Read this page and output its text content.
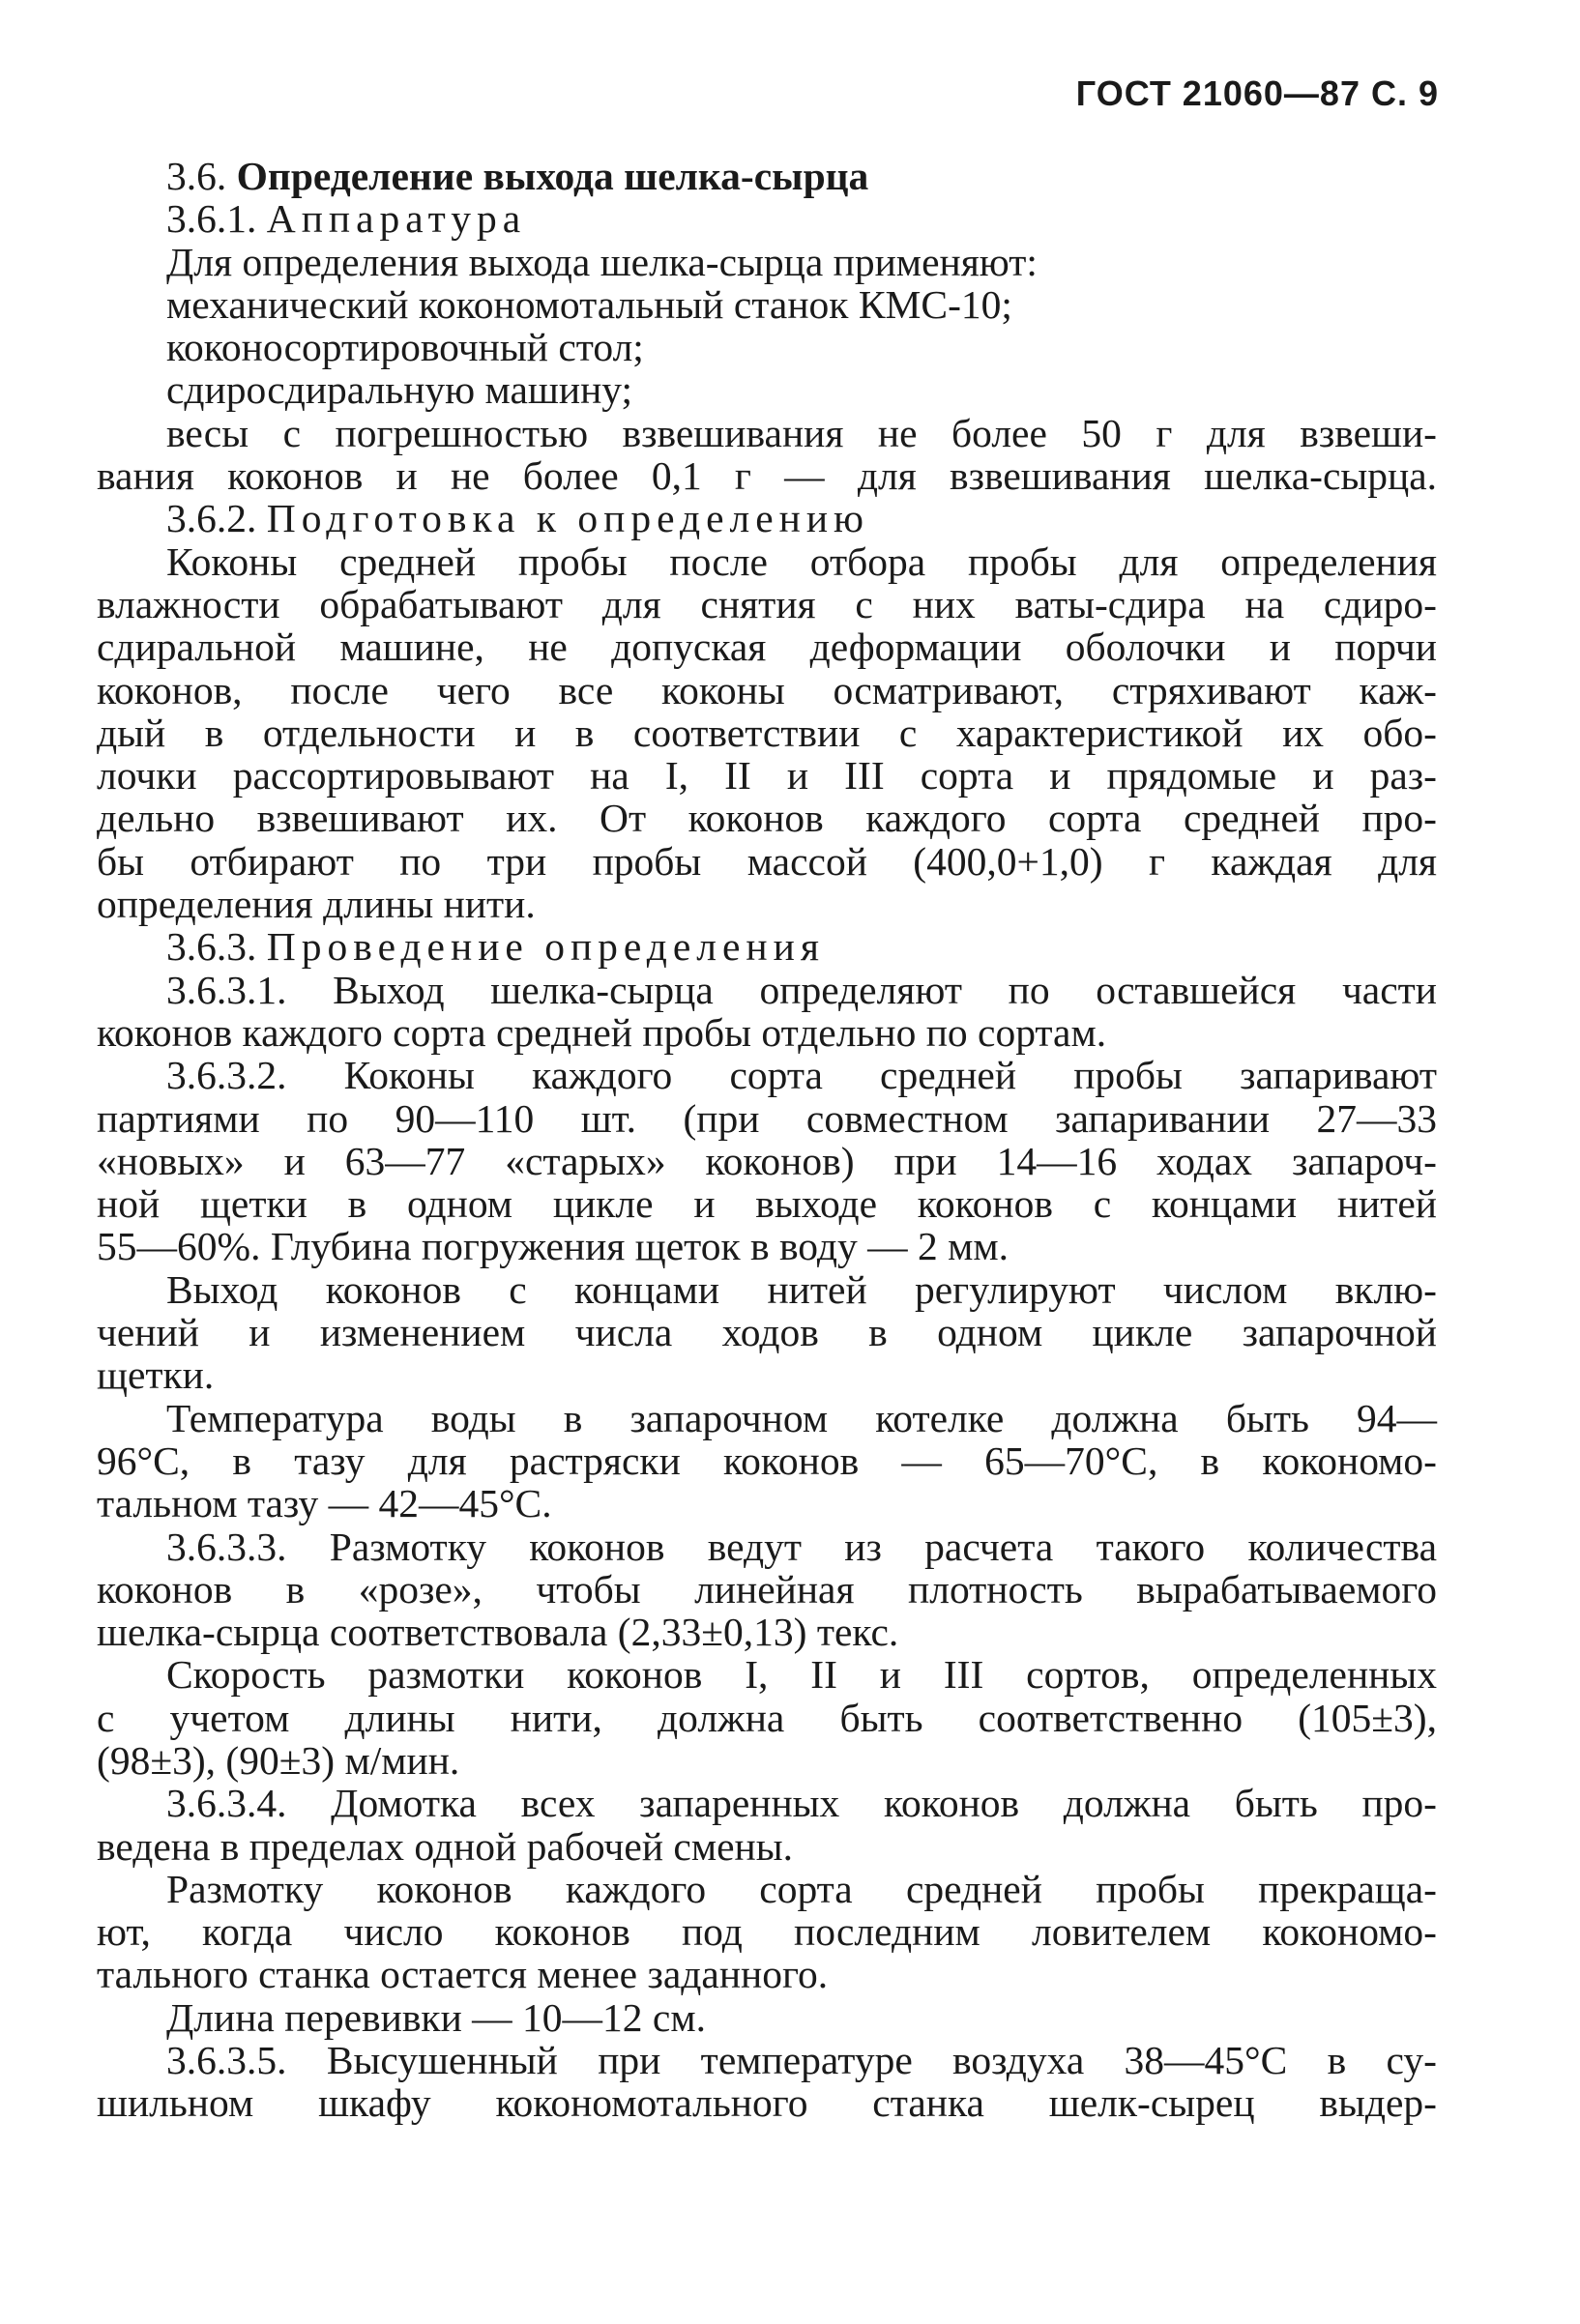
ГОСТ 21060—87 С. 9
3.6. Определение выхода шелка-сырца
3.6.1. Аппаратура
Для определения выхода шелка-сырца применяют:
механический кокономотальный станок КМС-10;
коконосортировочный стол;
сдиросдиральную машину;
весы с погрешностью взвешивания не более 50 г для взвеши-
вания коконов и не более 0,1 г — для взвешивания шелка-сырца.
3.6.2. Подготовка к определению
Коконы средней пробы после отбора пробы для определения
влажности обрабатывают для снятия с них ваты-сдира на сдиро-
сдиральной машине, не допуская деформации оболочки и порчи
коконов, после чего все коконы осматривают, стряхивают каж-
дый в отдельности и в соответствии с характеристикой их обо-
лочки рассортировывают на I, II и III сорта и прядомые и раз-
дельно взвешивают их. От коконов каждого сорта средней про-
бы отбирают по три пробы массой (400,0+1,0) г каждая для
определения длины нити.
3.6.3. Проведение определения
3.6.3.1. Выход шелка-сырца определяют по оставшейся части
коконов каждого сорта средней пробы отдельно по сортам.
3.6.3.2. Коконы каждого сорта средней пробы запаривают
партиями по 90—110 шт. (при совместном запаривании 27—33
«новых» и 63—77 «старых» коконов) при 14—16 ходах запароч-
ной щетки в одном цикле и выходе коконов с концами нитей
55—60%. Глубина погружения щеток в воду — 2 мм.
Выход коконов с концами нитей регулируют числом вклю-
чений и изменением числа ходов в одном цикле запарочной
щетки.
Температура воды в запарочном котелке должна быть 94—
96°С, в тазу для растряски коконов — 65—70°С, в кокономо-
тальном тазу — 42—45°С.
3.6.3.3. Размотку коконов ведут из расчета такого количества
коконов в «розе», чтобы линейная плотность вырабатываемого
шелка-сырца соответствовала (2,33±0,13) текс.
Скорость размотки коконов I, II и III сортов, определенных
с учетом длины нити, должна быть соответственно (105±3),
(98±3), (90±3) м/мин.
3.6.3.4. Домотка всех запаренных коконов должна быть про-
ведена в пределах одной рабочей смены.
Размотку коконов каждого сорта средней пробы прекраща-
ют, когда число коконов под последним ловителем кокономо-
тального станка остается менее заданного.
Длина перевивки — 10—12 см.
3.6.3.5. Высушенный при температуре воздуха 38—45°С в су-
шильном шкафу кокономотального станка шелк-сырец выдер-
